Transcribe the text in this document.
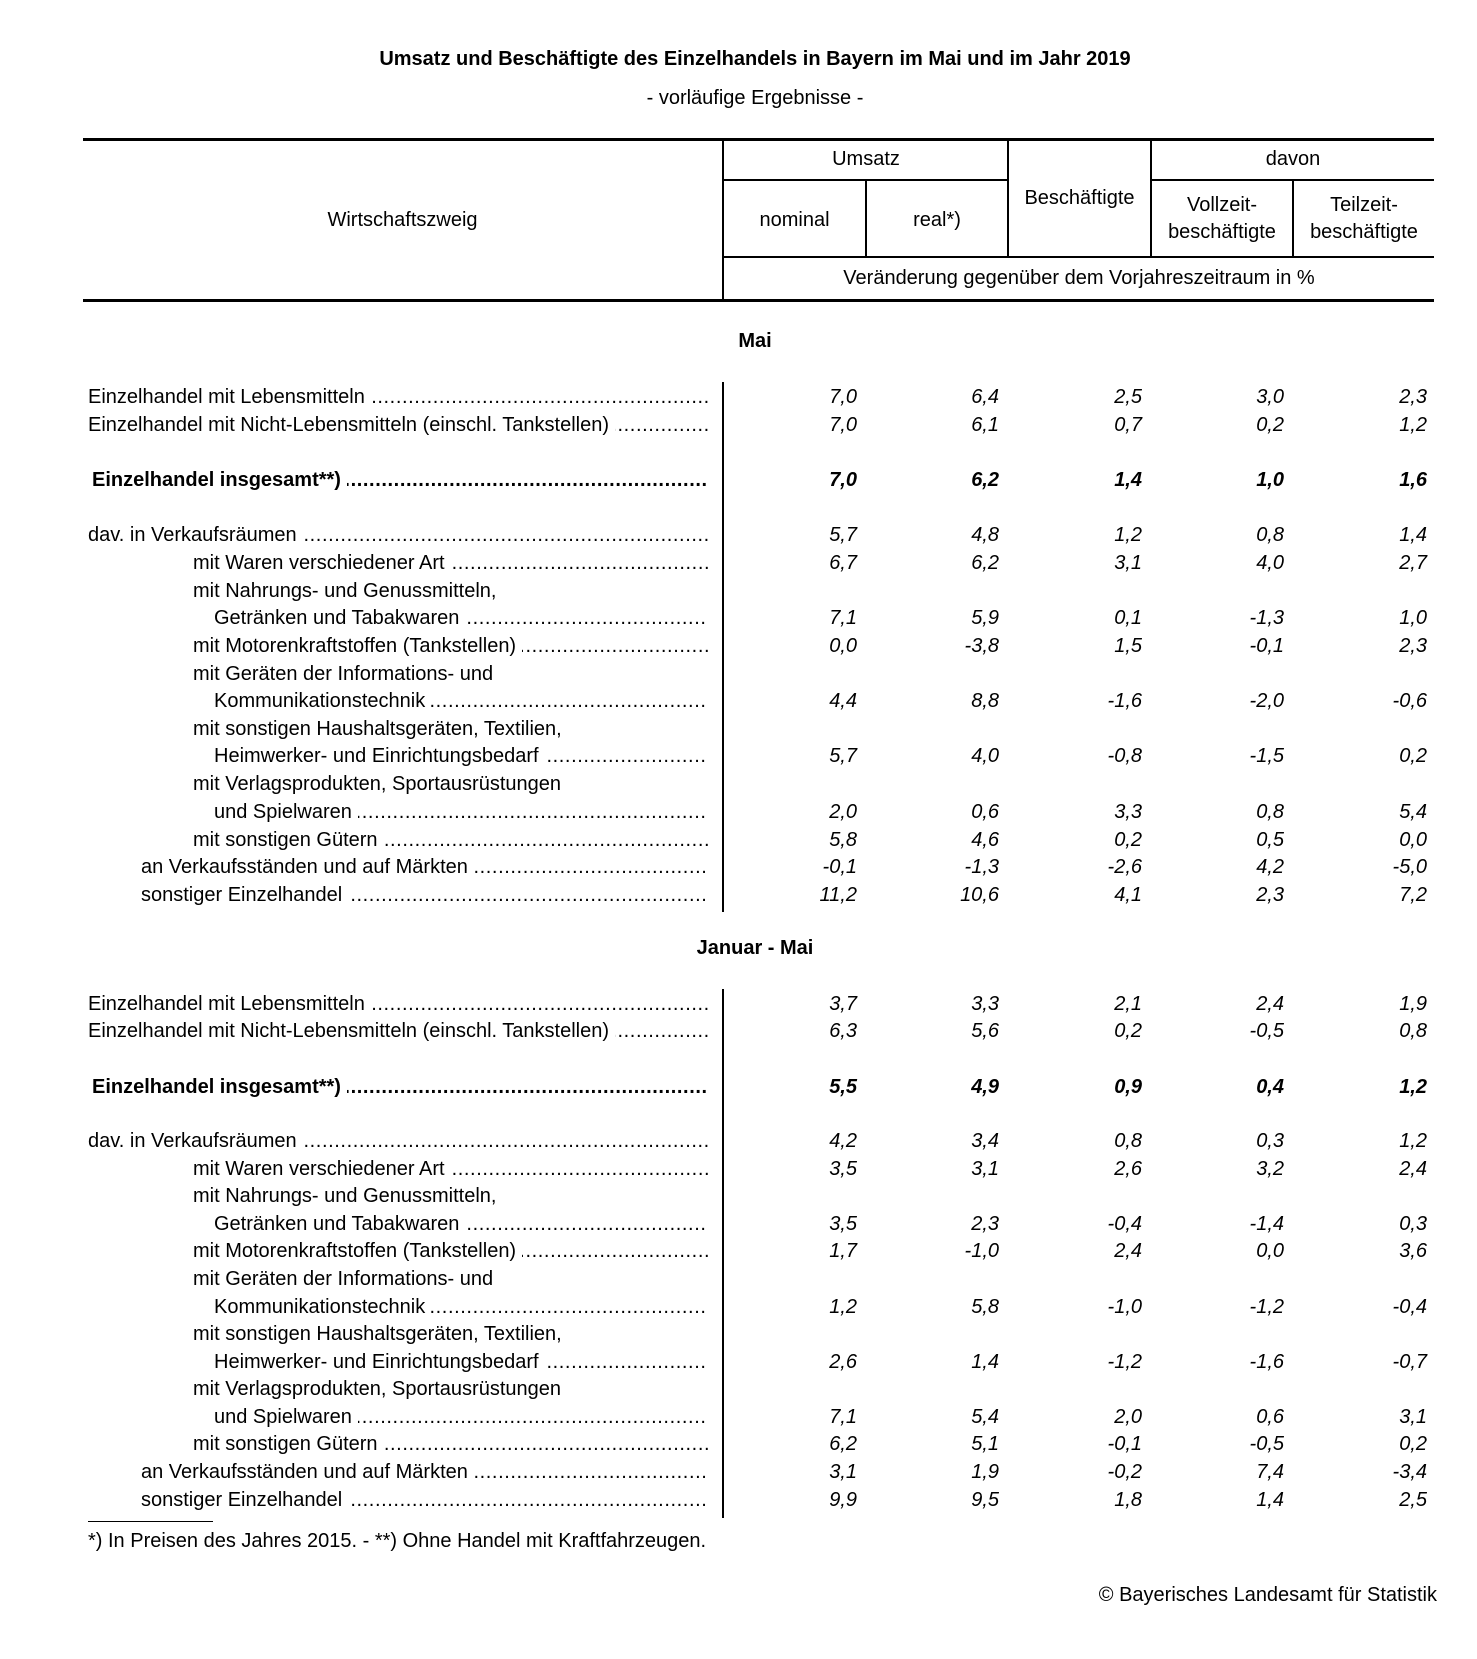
Umsatz und Beschäftigte des Einzelhandels in Bayern im Mai und im Jahr 2019
- vorläufige Ergebnisse -
Wirtschaftszweig
Umsatz
nominal	real*)
Beschäftigte
davon
Vollzeit-
beschäftigte
Teilzeit-
beschäftigte
Veränderung gegenüber dem Vorjahreszeitraum in %
Mai
Einzelhandel mit Lebensmitteln .....	7,0	6,4	2,5	3,0	2,3
Einzelhandel mit Nicht-Lebensmitteln (einschl. Tankstellen) .....	7,0	6,1	0,7	0,2	1,2
Einzelhandel insgesamt**) .....	7,0	6,2	1,4	1,0	1,6
dav. in Verkaufsräumen .....	5,7	4,8	1,2	0,8	1,4
mit Waren verschiedener Art .....	6,7	6,2	3,1	4,0	2,7
mit Nahrungs- und Genussmitteln,
Getränken und Tabakwaren .....	7,1	5,9	0,1	-1,3	1,0
mit Motorenkraftstoffen (Tankstellen) .....	0,0	-3,8	1,5	-0,1	2,3
mit Geräten der Informations- und
Kommunikationstechnik .....	4,4	8,8	-1,6	-2,0	-0,6
mit sonstigen Haushaltsgeräten, Textilien,
Heimwerker- und Einrichtungsbedarf .....	5,7	4,0	-0,8	-1,5	0,2
mit Verlagsprodukten, Sportausrüstungen
und Spielwaren .....	2,0	0,6	3,3	0,8	5,4
mit sonstigen Gütern .....	5,8	4,6	0,2	0,5	0,0
an Verkaufsständen und auf Märkten .....	-0,1	-1,3	-2,6	4,2	-5,0
sonstiger Einzelhandel .....	11,2	10,6	4,1	2,3	7,2
Januar - Mai
Einzelhandel mit Lebensmitteln .....	3,7	3,3	2,1	2,4	1,9
Einzelhandel mit Nicht-Lebensmitteln (einschl. Tankstellen) .....	6,3	5,6	0,2	-0,5	0,8
Einzelhandel insgesamt**) .....	5,5	4,9	0,9	0,4	1,2
dav. in Verkaufsräumen .....	4,2	3,4	0,8	0,3	1,2
mit Waren verschiedener Art .....	3,5	3,1	2,6	3,2	2,4
mit Nahrungs- und Genussmitteln,
Getränken und Tabakwaren .....	3,5	2,3	-0,4	-1,4	0,3
mit Motorenkraftstoffen (Tankstellen) .....	1,7	-1,0	2,4	0,0	3,6
mit Geräten der Informations- und
Kommunikationstechnik .....	1,2	5,8	-1,0	-1,2	-0,4
mit sonstigen Haushaltsgeräten, Textilien,
Heimwerker- und Einrichtungsbedarf .....	2,6	1,4	-1,2	-1,6	-0,7
mit Verlagsprodukten, Sportausrüstungen
und Spielwaren .....	7,1	5,4	2,0	0,6	3,1
mit sonstigen Gütern .....	6,2	5,1	-0,1	-0,5	0,2
an Verkaufsständen und auf Märkten .....	3,1	1,9	-0,2	7,4	-3,4
sonstiger Einzelhandel .....	9,9	9,5	1,8	1,4	2,5
*) In Preisen des Jahres 2015. - **) Ohne Handel mit Kraftfahrzeugen.
© Bayerisches Landesamt für Statistik
